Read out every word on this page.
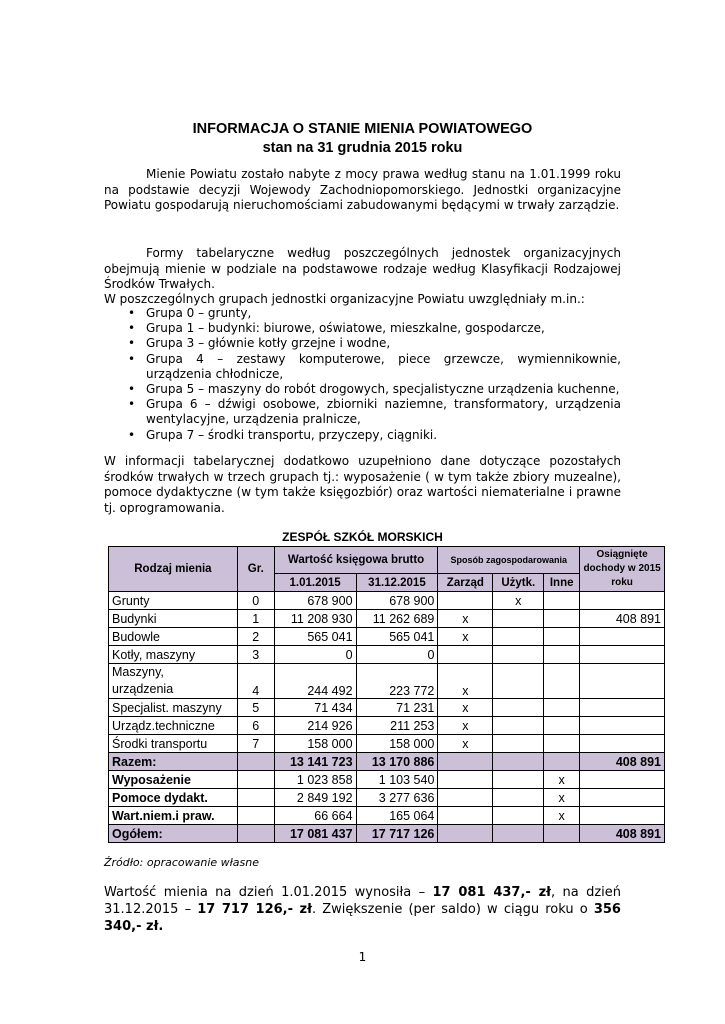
INFORMACJA O STANIE MIENIA POWIATOWEGO
stan na 31 grudnia 2015 roku
Mienie Powiatu zostało nabyte z mocy prawa według stanu na 1.01.1999 roku na podstawie decyzji Wojewody Zachodniopomorskiego. Jednostki organizacyjne Powiatu gospodarują nieruchomościami zabudowanymi będącymi w trwały zarządzie.
Formy tabelaryczne według poszczególnych jednostek organizacyjnych obejmują mienie w podziale na podstawowe rodzaje według Klasyfikacji Rodzajowej Środków Trwałych.
W poszczególnych grupach jednostki organizacyjne Powiatu uwzględniały m.in.:
• Grupa 0 – grunty,
• Grupa 1 – budynki: biurowe, oświatowe, mieszkalne, gospodarcze,
• Grupa 3 – głównie kotły grzejne i wodne,
• Grupa 4 – zestawy komputerowe, piece grzewcze, wymiennikownie, urządzenia chłodnicze,
• Grupa 5 – maszyny do robót drogowych, specjalistyczne urządzenia kuchenne,
• Grupa 6 – dźwigi osobowe, zbiorniki naziemne, transformatory, urządzenia wentylacyjne, urządzenia pralnicze,
• Grupa 7 – środki transportu, przyczepy, ciągniki.
W informacji tabelarycznej dodatkowo uzupełniono dane dotyczące pozostałych środków trwałych w trzech grupach tj.: wyposażenie ( w tym także zbiory muzealne), pomoce dydaktyczne (w tym także księgozbiór) oraz wartości niematerialne i prawne tj. oprogramowania.
ZESPÓŁ SZKÓŁ MORSKICH
Rodzaj mienia	Gr.	Wartość księgowa brutto		Sposób zagospodarowania			Osiągnięte dochody w 2015 roku
		1.01.2015	31.12.2015	Zarząd	Użytk.	Inne	
Grunty	0	678 900	678 900		x		
Budynki	1	11 208 930	11 262 689	x			408 891
Budowle	2	565 041	565 041	x			
Kotły, maszyny	3	0	0				
Maszyny,
urządzenia	4	244 492	223 772	x			
Specjalist. maszyny	5	71 434	71 231	x			
Urządz.techniczne	6	214 926	211 253	x			
Środki transportu	7	158 000	158 000	x			
Razem:		13 141 723	13 170 886				408 891
Wyposażenie		1 023 858	1 103 540			x	
Pomoce dydakt.		2 849 192	3 277 636			x	
Wart.niem.i praw.		66 664	165 064			x	
Ogółem:		17 081 437	17 717 126				408 891
Źródło: opracowanie własne
Wartość mienia na dzień 1.01.2015 wynosiła – 17 081 437,- zł, na dzień 31.12.2015 – 17 717 126,- zł. Zwiększenie (per saldo) w ciągu roku o 356 340,- zł.
1
